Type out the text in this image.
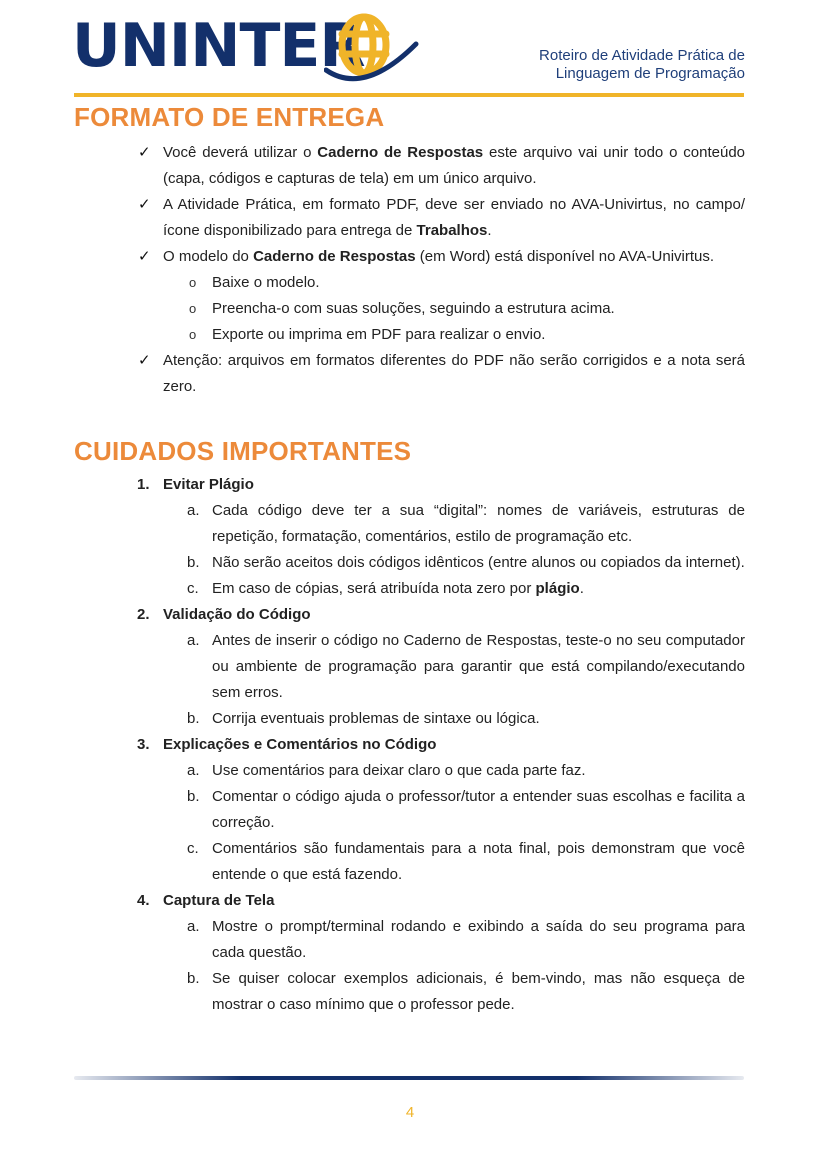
UNINTER	Roteiro de Atividade Prática de
Linguagem de Programação
FORMATO DE ENTREGA
✓ Você deverá utilizar o Caderno de Respostas este arquivo vai unir todo o conteúdo (capa, códigos e capturas de tela) em um único arquivo.
✓ A Atividade Prática, em formato PDF, deve ser enviado no AVA-Univirtus, no campo/ícone disponibilizado para entrega de Trabalhos.
✓ O modelo do Caderno de Respostas (em Word) está disponível no AVA-Univirtus.
o Baixe o modelo.
o Preencha-o com suas soluções, seguindo a estrutura acima.
o Exporte ou imprima em PDF para realizar o envio.
✓ Atenção: arquivos em formatos diferentes do PDF não serão corrigidos e a nota será zero.
CUIDADOS IMPORTANTES
1. Evitar Plágio
a. Cada código deve ter a sua “digital”: nomes de variáveis, estruturas de repetição, formatação, comentários, estilo de programação etc.
b. Não serão aceitos dois códigos idênticos (entre alunos ou copiados da internet).
c. Em caso de cópias, será atribuída nota zero por plágio.
2. Validação do Código
a. Antes de inserir o código no Caderno de Respostas, teste-o no seu computador ou ambiente de programação para garantir que está compilando/executando sem erros.
b. Corrija eventuais problemas de sintaxe ou lógica.
3. Explicações e Comentários no Código
a. Use comentários para deixar claro o que cada parte faz.
b. Comentar o código ajuda o professor/tutor a entender suas escolhas e facilita a correção.
c. Comentários são fundamentais para a nota final, pois demonstram que você entende o que está fazendo.
4. Captura de Tela
a. Mostre o prompt/terminal rodando e exibindo a saída do seu programa para cada questão.
b. Se quiser colocar exemplos adicionais, é bem-vindo, mas não esqueça de mostrar o caso mínimo que o professor pede.
4
